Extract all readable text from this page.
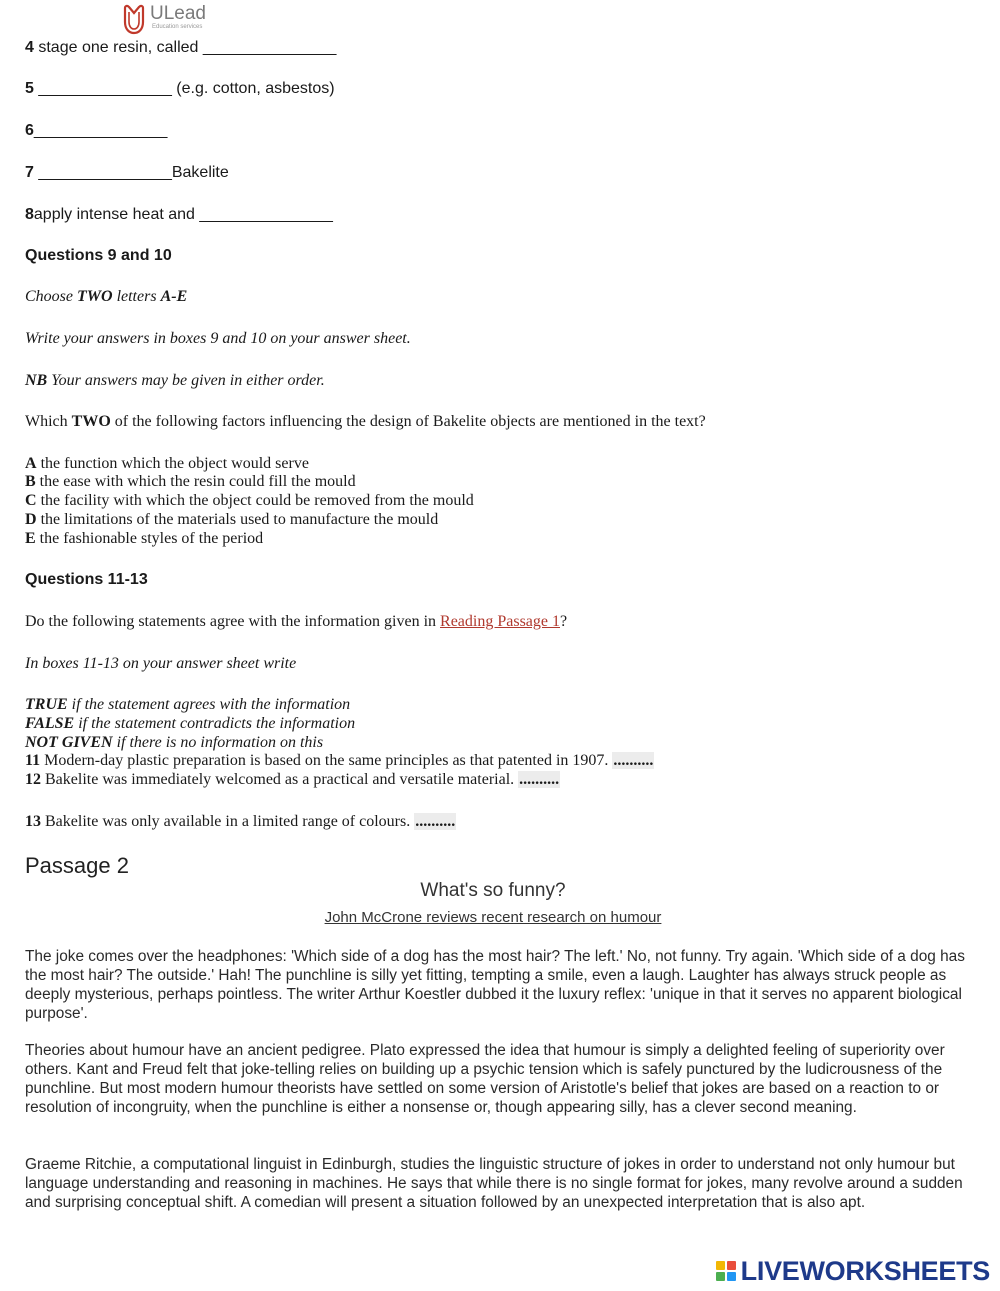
ULead
Education services
4 stage one resin, called _______________
5 _______________ (e.g. cotton, asbestos)
6_______________
7 _______________Bakelite
8apply intense heat and _______________
Questions 9 and 10
Choose TWO letters A-E
Write your answers in boxes 9 and 10 on your answer sheet.
NB Your answers may be given in either order.
Which TWO of the following factors influencing the design of Bakelite objects are mentioned in the text?
A the function which the object would serve
B the ease with which the resin could fill the mould
C the facility with which the object could be removed from the mould
D the limitations of the materials used to manufacture the mould
E the fashionable styles of the period
Questions 11-13
Do the following statements agree with the information given in Reading Passage 1?
In boxes 11-13 on your answer sheet write
TRUE if the statement agrees with the information
FALSE if the statement contradicts the information
NOT GIVEN if there is no information on this
11 Modern-day plastic preparation is based on the same principles as that patented in 1907. ..........
12 Bakelite was immediately welcomed as a practical and versatile material. ..........
13 Bakelite was only available in a limited range of colours. ..........
Passage 2
What's so funny?
John McCrone reviews recent research on humour
The joke comes over the headphones: 'Which side of a dog has the most hair? The left.' No, not funny. Try again. 'Which side of a dog has the most hair? The outside.' Hah! The punchline is silly yet fitting, tempting a smile, even a laugh. Laughter has always struck people as deeply mysterious, perhaps pointless. The writer Arthur Koestler dubbed it the luxury reflex: 'unique in that it serves no apparent biological purpose'.
Theories about humour have an ancient pedigree. Plato expressed the idea that humour is simply a delighted feeling of superiority over others. Kant and Freud felt that joke-telling relies on building up a psychic tension which is safely punctured by the ludicrousness of the punchline. But most modern humour theorists have settled on some version of Aristotle's belief that jokes are based on a reaction to or resolution of incongruity, when the punchline is either a nonsense or, though appearing silly, has a clever second meaning.
Graeme Ritchie, a computational linguist in Edinburgh, studies the linguistic structure of jokes in order to understand not only humour but language understanding and reasoning in machines. He says that while there is no single format for jokes, many revolve around a sudden and surprising conceptual shift. A comedian will present a situation followed by an unexpected interpretation that is also apt.
LIVEWORKSHEETS
